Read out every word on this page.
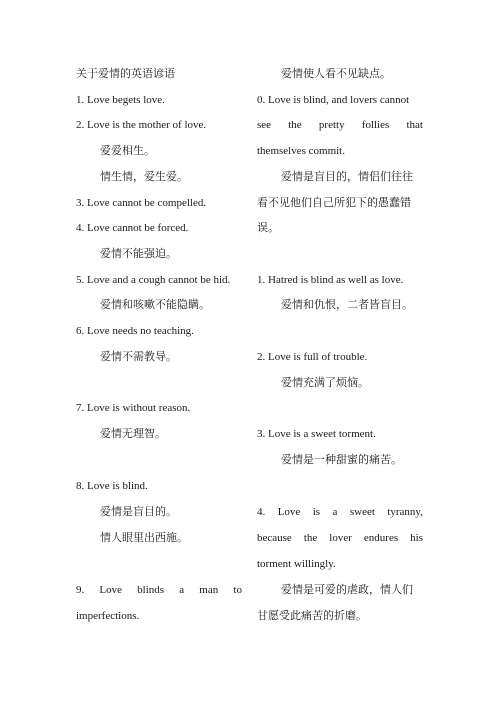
关于爱情的英语谚语
1. Love begets love.
2. Love is the mother of love.
爱爱相生。
情生情，爱生爱。
3. Love cannot be compelled.
4. Love cannot be forced.
爱情不能强迫。
5. Love and a cough cannot be hid.
爱情和咳嗽不能隐瞒。
6. Love needs no teaching.
爱情不需教导。
7. Love is without reason.
爱情无理智。
8. Love is blind.
爱情是盲目的。
情人眼里出西施。
9. Love blinds a man to
imperfections.
爱情使人看不见缺点。
0. Love is blind, and lovers cannot
see the pretty follies that
themselves commit.
爱情是盲目的，情侣们往往
看不见他们自己所犯下的愚蠢错
误。
1. Hatred is blind as well as love.
爱情和仇恨，二者皆盲目。
2. Love is full of trouble.
爱情充满了烦恼。
3. Love is a sweet torment.
爱情是一种甜蜜的痛苦。
4. Love is a sweet tyranny,
because the lover endures his
torment willingly.
爱情是可爱的虐政，情人们
甘愿受此痛苦的折磨。
